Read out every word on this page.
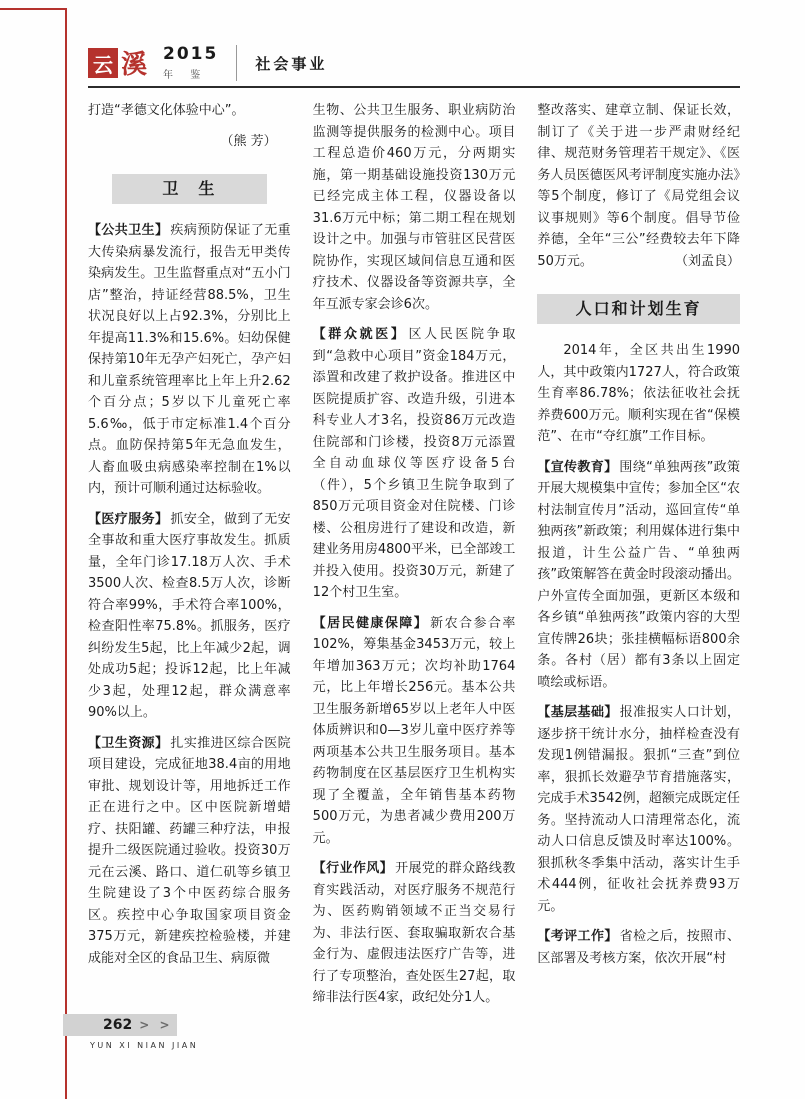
云 溪 2015
年 鉴
社会事业

打造“孝德文化体验中心”。

（熊 芳）
卫　生

【公共卫生】 疾病预防保证了无重大传染病暴发流行，报告无甲类传染病发生。卫生监督重点对“五小门店”整治，持证经营88.5%，卫生状况良好以上占92.3%，分别比上年提高11.3%和15.6%。妇幼保健保持第10年无孕产妇死亡，孕产妇和儿童系统管理率比上年上升2.62个百分点；5岁以下儿童死亡率5.6‰，低于市定标准1.4个百分点。血防保持第5年无急血发生，人畜血吸虫病感染率控制在1%以内，预计可顺利通过达标验收。

【医疗服务】 抓安全，做到了无安全事故和重大医疗事故发生。抓质量，全年门诊17.18万人次、手术3500人次、检查8.5万人次，诊断符合率99%，手术符合率100%，检查阳性率75.8%。抓服务，医疗纠纷发生5起，比上年减少2起，调处成功5起；投诉12起，比上年减少3起，处理12起，群众满意率90%以上。

【卫生资源】 扎实推进区综合医院项目建设，完成征地38.4亩的用地审批、规划设计等，用地拆迁工作正在进行之中。区中医院新增蜡疗、扶阳罐、药罐三种疗法，申报提升二级医院通过验收。投资30万元在云溪、路口、道仁矶等乡镇卫生院建设了3个中医药综合服务区。疾控中心争取国家项目资金375万元，新建疾控检验楼，并建成能对全区的食品卫生、病原微

生物、公共卫生服务、职业病防治监测等提供服务的检测中心。项目工程总造价460万元，分两期实施，第一期基础设施投资130万元已经完成主体工程，仪器设备以31.6万元中标；第二期工程在规划设计之中。加强与市管驻区民营医院协作，实现区域间信息互通和医疗技术、仪器设备等资源共享，全年互派专家会诊6次。

【群众就医】 区人民医院争取到“急救中心项目”资金184万元，添置和改建了救护设备。推进区中医院提质扩容、改造升级，引进本科专业人才3名，投资86万元改造住院部和门诊楼，投资8万元添置全自动血球仪等医疗设备5台（件），5个乡镇卫生院争取到了850万元项目资金对住院楼、门诊楼、公租房进行了建设和改造，新建业务用房4800平米，已全部竣工并投入使用。投资30万元，新建了12个村卫生室。

【居民健康保障】 新农合参合率102%，筹集基金3453万元，较上年增加363万元；次均补助1764元，比上年增长256元。基本公共卫生服务新增65岁以上老年人中医体质辨识和0—3岁儿童中医疗养等两项基本公共卫生服务项目。基本药物制度在区基层医疗卫生机构实现了全覆盖，全年销售基本药物500万元，为患者减少费用200万元。

【行业作风】 开展党的群众路线教育实践活动，对医疗服务不规范行为、医药购销领域不正当交易行为、非法行医、套取骗取新农合基金行为、虚假违法医疗广告等，进行了专项整治，查处医生27起，取缔非法行医4家，政纪处分1人。

整改落实、建章立制、保证长效，制订了《关于进一步严肃财经纪律、规范财务管理若干规定》、《医务人员医德医风考评制度实施办法》等5个制度，修订了《局党组会议议事规则》等6个制度。倡导节俭养德，全年“三公”经费较去年下降50万元。	（刘孟良）

人口和计划生育

2014年，全区共出生1990人，其中政策内1727人，符合政策生育率86.78%；依法征收社会抚养费600万元。顺利实现在省“保模范”、在市“夺红旗”工作目标。

【宣传教育】 围绕“单独两孩”政策开展大规模集中宣传；参加全区“农村法制宣传月”活动，巡回宣传“单独两孩”新政策；利用媒体进行集中报道，计生公益广告、“单独两孩”政策解答在黄金时段滚动播出。户外宣传全面加强，更新区本级和各乡镇“单独两孩”政策内容的大型宣传牌26块；张挂横幅标语800余条。各村（居）都有3条以上固定喷绘或标语。

【基层基础】 报准报实人口计划，逐步挤干统计水分，抽样检查没有发现1例错漏报。狠抓“三查”到位率，狠抓长效避孕节育措施落实，完成手术3542例，超额完成既定任务。坚持流动人口清理常态化，流动人口信息反馈及时率达100%。狠抓秋冬季集中活动，落实计生手术444例，征收社会抚养费93万元。

【考评工作】 省检之后，按照市、区部署及考核方案，依次开展“村

262 > >
YUN XI NIAN JIAN
